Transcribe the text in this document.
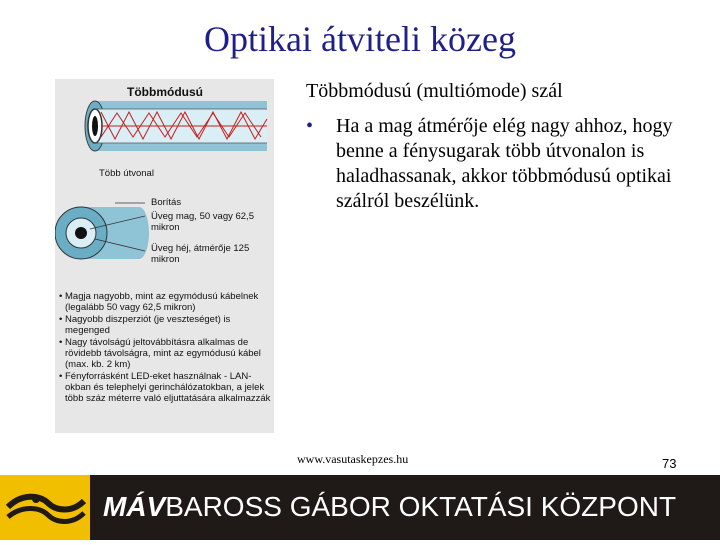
Optikai átviteli közeg
Többmódusú
Több útvonal
Borítás
Üveg mag, 50 vagy 62,5
mikron
Üveg héj, átmérője 125
mikron
• Magja nagyobb, mint az egymódusú kábelnek (legalább 50 vagy 62,5 mikron)
• Nagyobb diszperziót (je veszteséget) is megenged
• Nagy távolságú jeltovábbításra alkalmas de rövidebb távolságra, mint az egymódusú kábel (max. kb. 2 km)
• Fényforrásként LED-eket használnak - LAN-okban és telephelyi gerinchálózatokban, a jelek több száz méterre való eljuttatására alkalmazzák
Többmódusú (multiómode) szál
•	Ha a mag átmérője elég nagy ahhoz, hogy benne a fénysugarak több útvonalon is haladhassanak, akkor többmódusú optikai szálról beszélünk.
www.vasutaskepzes.hu	73
MÁVBAROSS GÁBOR OKTATÁSI KÖZPONT
